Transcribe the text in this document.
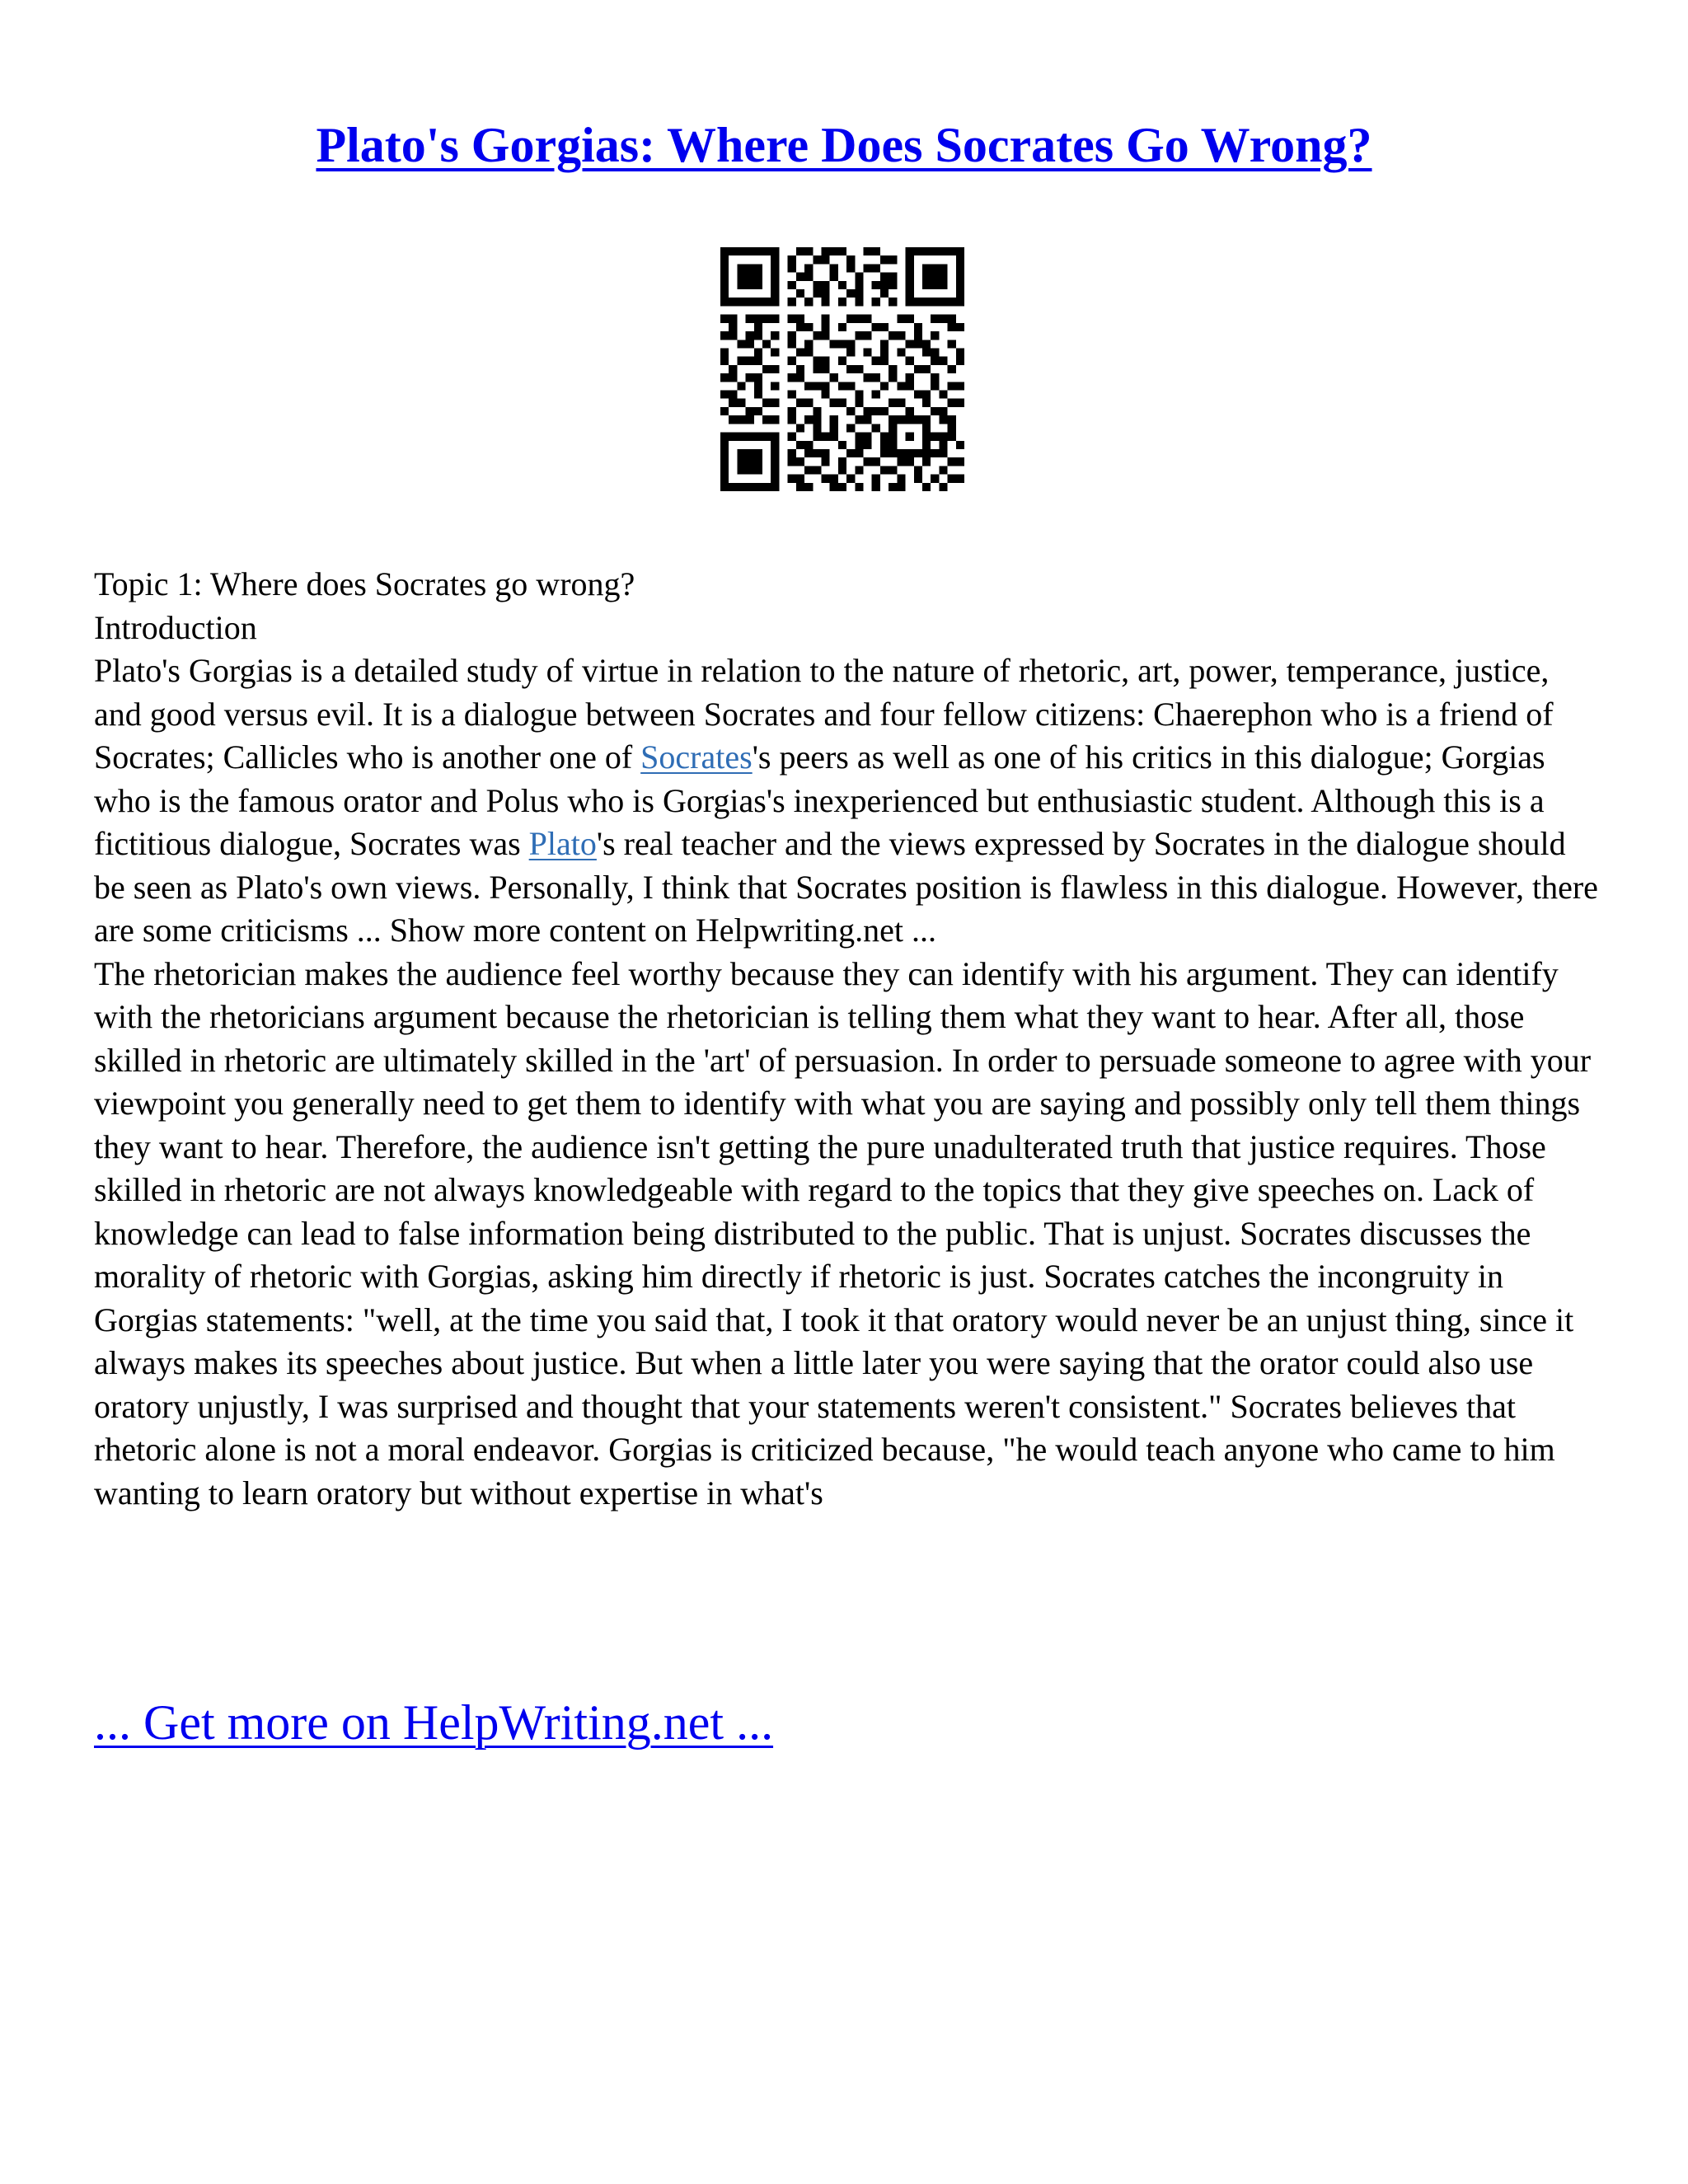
Plato's Gorgias: Where Does Socrates Go Wrong?

Topic 1: Where does Socrates go wrong?

Introduction

Plato's Gorgias is a detailed study of virtue in relation to the nature of rhetoric, art, power, temperance, justice, and good versus evil. It is a dialogue between Socrates and four fellow citizens: Chaerephon who is a friend of Socrates; Callicles who is another one of Socrates's peers as well as one of his critics in this dialogue; Gorgias who is the famous orator and Polus who is Gorgias's inexperienced but enthusiastic student. Although this is a fictitious dialogue, Socrates was Plato's real teacher and the views expressed by Socrates in the dialogue should be seen as Plato's own views. Personally, I think that Socrates position is flawless in this dialogue. However, there are some criticisms ... Show more content on Helpwriting.net ...

The rhetorician makes the audience feel worthy because they can identify with his argument. They can identify with the rhetoricians argument because the rhetorician is telling them what they want to hear. After all, those skilled in rhetoric are ultimately skilled in the 'art' of persuasion. In order to persuade someone to agree with your viewpoint you generally need to get them to identify with what you are saying and possibly only tell them things they want to hear. Therefore, the audience isn't getting the pure unadulterated truth that justice requires. Those skilled in rhetoric are not always knowledgeable with regard to the topics that they give speeches on. Lack of knowledge can lead to false information being distributed to the public. That is unjust. Socrates discusses the morality of rhetoric with Gorgias, asking him directly if rhetoric is just. Socrates catches the incongruity in Gorgias statements: "well, at the time you said that, I took it that oratory would never be an unjust thing, since it always makes its speeches about justice. But when a little later you were saying that the orator could also use oratory unjustly, I was surprised and thought that your statements weren't consistent." Socrates believes that rhetoric alone is not a moral endeavor. Gorgias is criticized because, "he would teach anyone who came to him wanting to learn oratory but without expertise in what's

... Get more on HelpWriting.net ...
